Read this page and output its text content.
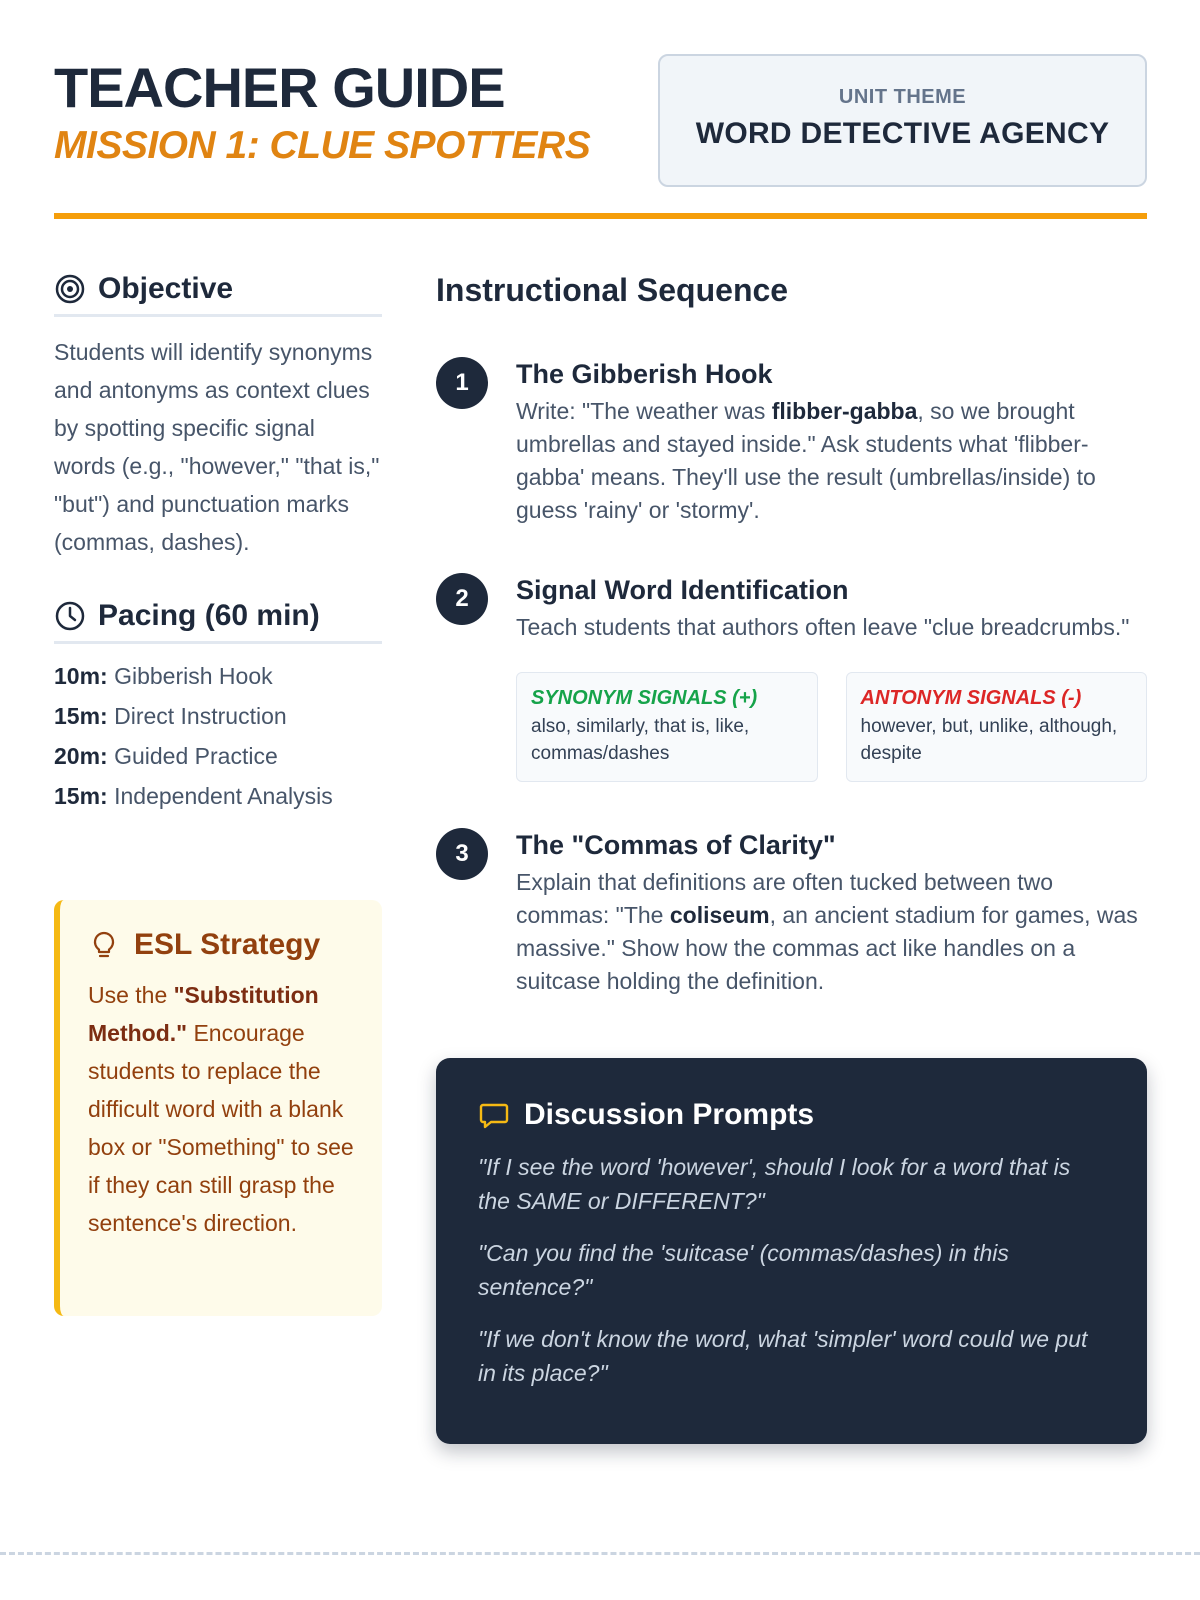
TEACHER GUIDE
MISSION 1: CLUE SPOTTERS
UNIT THEME
WORD DETECTIVE AGENCY
Objective
Students will identify synonyms and antonyms as context clues by spotting specific signal words (e.g., "however," "that is," "but") and punctuation marks (commas, dashes).
Pacing (60 min)
10m: Gibberish Hook
15m: Direct Instruction
20m: Guided Practice
15m: Independent Analysis
ESL Strategy
Use the "Substitution Method." Encourage students to replace the difficult word with a blank box or "Something" to see if they can still grasp the sentence's direction.
Instructional Sequence
1	The Gibberish Hook
Write: "The weather was flibber-gabba, so we brought umbrellas and stayed inside." Ask students what 'flibber-gabba' means. They'll use the result (umbrellas/inside) to guess 'rainy' or 'stormy'.
2	Signal Word Identification
Teach students that authors often leave "clue breadcrumbs."
SYNONYM SIGNALS (+)
also, similarly, that is, like, commas/dashes
ANTONYM SIGNALS (-)
however, but, unlike, although, despite
3	The "Commas of Clarity"
Explain that definitions are often tucked between two commas: "The coliseum, an ancient stadium for games, was massive." Show how the commas act like handles on a suitcase holding the definition.
Discussion Prompts
"If I see the word 'however', should I look for a word that is the SAME or DIFFERENT?"
"Can you find the 'suitcase' (commas/dashes) in this sentence?"
"If we don't know the word, what 'simpler' word could we put in its place?"
